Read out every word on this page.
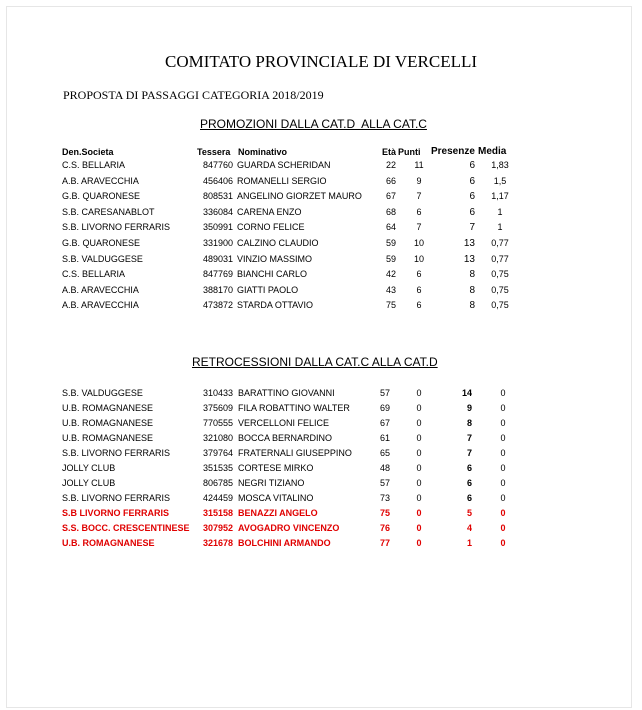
COMITATO PROVINCIALE DI VERCELLI
PROPOSTA DI PASSAGGI CATEGORIA 2018/2019
PROMOZIONI DALLA CAT.D  ALLA CAT.C
Den.Societa	Tessera Nominativo	Età Punti Presenze Media
C.S. BELLARIA	847760 GUARDA SCHERIDAN	22	11	6	1,83
A.B. ARAVECCHIA	456406 ROMANELLI SERGIO	66	9	6	1,5
G.B. QUARONESE	808531 ANGELINO GIORZET MAURO	67	7	6	1,17
S.B. CARESANABLOT	336084 CARENA ENZO	68	6	6	1
S.B. LIVORNO FERRARIS	350991 CORNO FELICE	64	7	7	1
G.B. QUARONESE	331900 CALZINO CLAUDIO	59	10	13	0,77
S.B. VALDUGGESE	489031 VINZIO MASSIMO	59	10	13	0,77
C.S. BELLARIA	847769 BIANCHI CARLO	42	6	8	0,75
A.B. ARAVECCHIA	388170 GIATTI PAOLO	43	6	8	0,75
A.B. ARAVECCHIA	473872 STARDA OTTAVIO	75	6	8	0,75
RETROCESSIONI DALLA CAT.C ALLA CAT.D
S.B. VALDUGGESE	310433 BARATTINO GIOVANNI	57	0	14	0
U.B. ROMAGNANESE	375609 FILA ROBATTINO WALTER	69	0	9	0
U.B. ROMAGNANESE	770555 VERCELLONI FELICE	67	0	8	0
U.B. ROMAGNANESE	321080 BOCCA BERNARDINO	61	0	7	0
S.B. LIVORNO FERRARIS	379764 FRATERNALI GIUSEPPINO	65	0	7	0
JOLLY CLUB	351535 CORTESE MIRKO	48	0	6	0
JOLLY CLUB	806785 NEGRI TIZIANO	57	0	6	0
S.B. LIVORNO FERRARIS	424459 MOSCA VITALINO	73	0	6	0
S.B LIVORNO FERRARIS	315158 BENAZZI ANGELO	75	0	5	0
S.S. BOCC. CRESCENTINESE 307952 AVOGADRO VINCENZO	76	0	4	0
U.B. ROMAGNANESE	321678 BOLCHINI ARMANDO	77	0	1	0
